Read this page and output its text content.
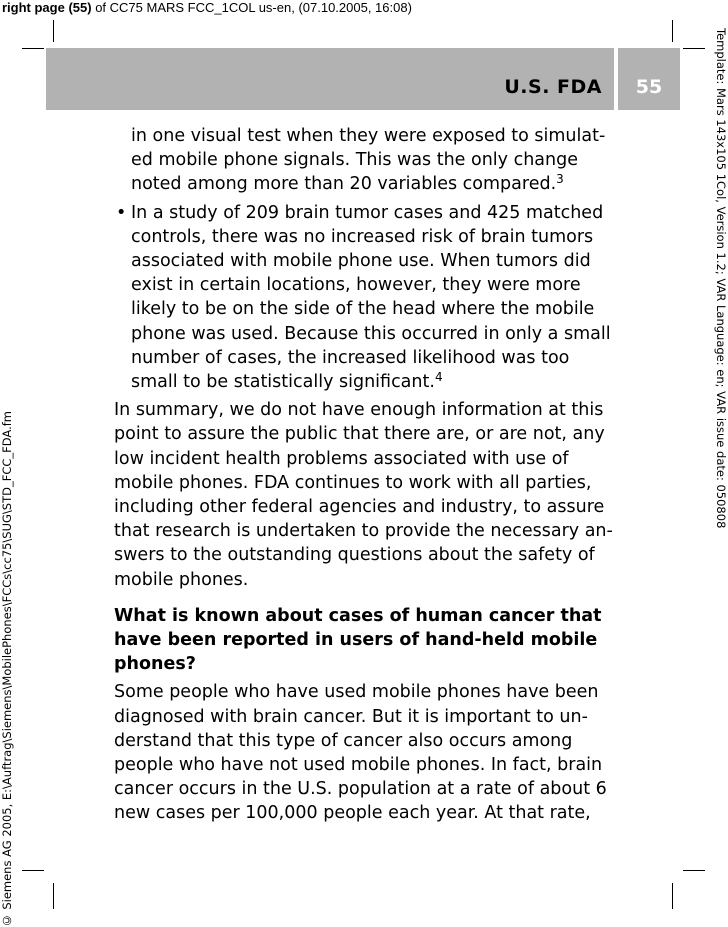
right page (55) of CC75 MARS FCC_1COL us-en, (07.10.2005, 16:08)
U.S. FDA	55	Template: Mars 143x105 1Col, Version 1.2; VAR Language: en; VAR issue date: 050808
© Siemens AG 2005, E:\Auftrag\Siemens\MobilePhones\FCCs\cc75\SUG\STD_FCC_FDA.fm

in one visual test when they were exposed to simulat-ed mobile phone signals. This was the only change noted among more than 20 variables compared.$^3$

• In a study of 209 brain tumor cases and 425 matched controls, there was no increased risk of brain tumors associated with mobile phone use. When tumors did exist in certain locations, however, they were more likely to be on the side of the head where the mobile phone was used. Because this occurred in only a small number of cases, the increased likelihood was too small to be statistically significant.$^4$

In summary, we do not have enough information at this point to assure the public that there are, or are not, any low incident health problems associated with use of mobile phones. FDA continues to work with all parties, including other federal agencies and industry, to assure that research is undertaken to provide the necessary an-swers to the outstanding questions about the safety of mobile phones.

What is known about cases of human cancer that have been reported in users of hand-held mobile phones?

Some people who have used mobile phones have been diagnosed with brain cancer. But it is important to un-derstand that this type of cancer also occurs among people who have not used mobile phones. In fact, brain cancer occurs in the U.S. population at a rate of about 6 new cases per 100,000 people each year. At that rate,
